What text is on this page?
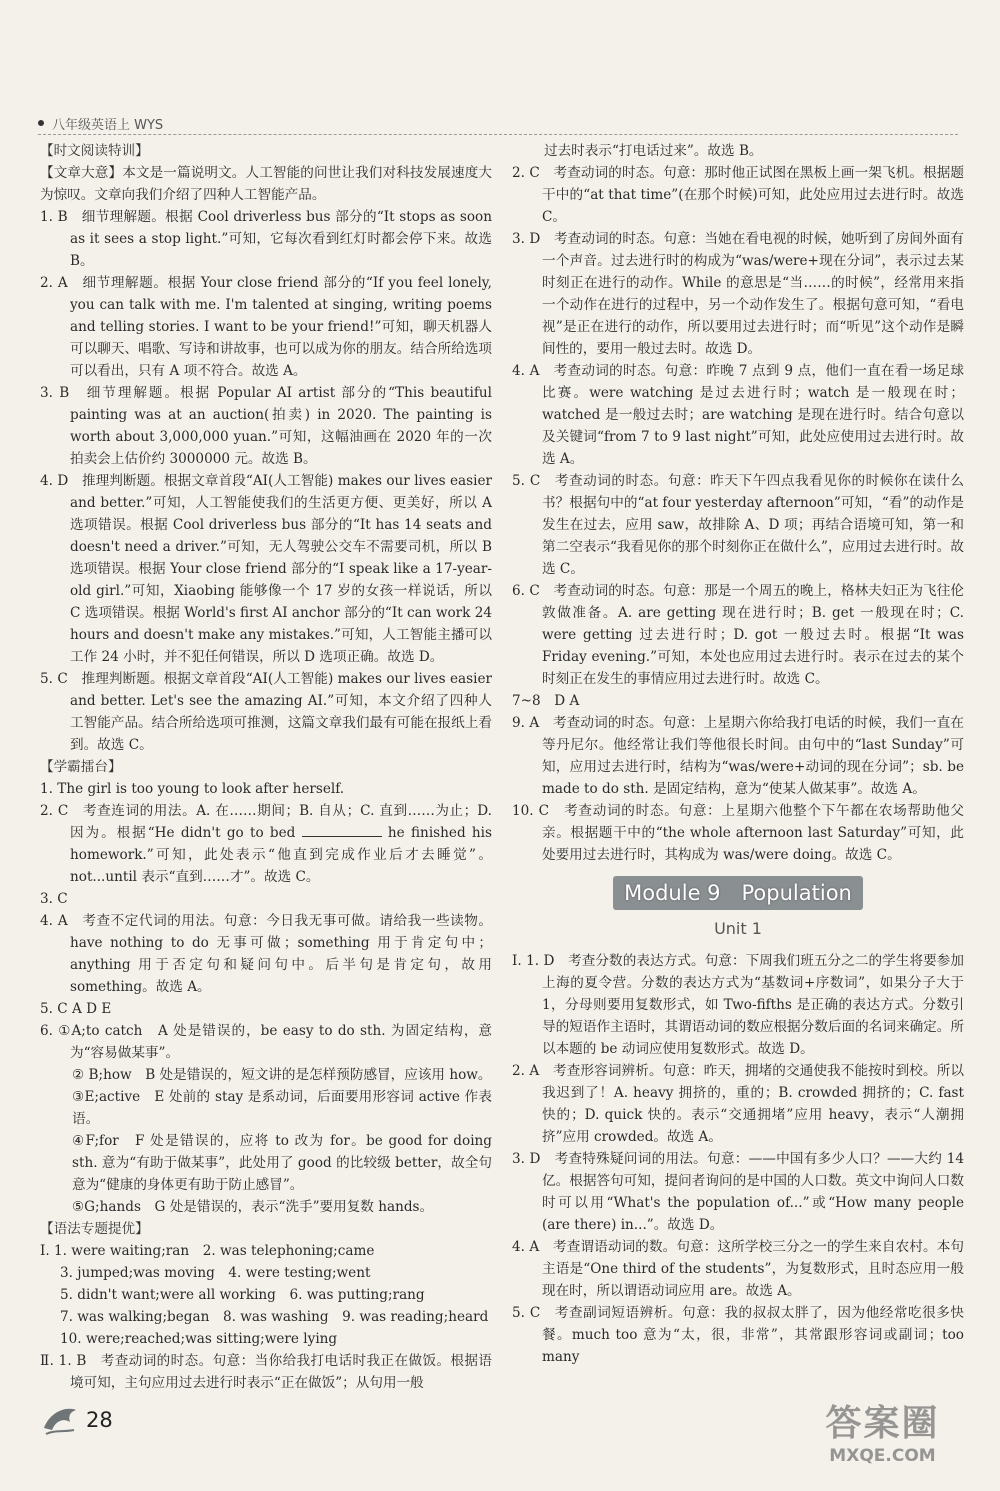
八年级英语上 WYS

【时文阅读特训】

【文章大意】本文是一篇说明文。人工智能的问世让我们对科技发展速度大为惊叹。文章向我们介绍了四种人工智能产品。

1. B　细节理解题。根据 Cool driverless bus 部分的“It stops as soon as it sees a stop light.”可知，它每次看到红灯时都会停下来。故选 B。

2. A　细节理解题。根据 Your close friend 部分的“If you feel lonely, you can talk with me. I'm talented at singing, writing poems and telling stories. I want to be your friend!”可知，聊天机器人可以聊天、唱歌、写诗和讲故事，也可以成为你的朋友。结合所给选项可以看出，只有 A 项不符合。故选 A。

3. B　细节理解题。根据 Popular AI artist 部分的“This beautiful painting was at an auction(拍卖) in 2020. The painting is worth about 3,000,000 yuan.”可知，这幅油画在 2020 年的一次拍卖会上估价约 3000000 元。故选 B。

4. D　推理判断题。根据文章首段“AI(人工智能) makes our lives easier and better.”可知，人工智能使我们的生活更方便、更美好，所以 A 选项错误。根据 Cool driverless bus 部分的“It has 14 seats and doesn't need a driver.”可知，无人驾驶公交车不需要司机，所以 B 选项错误。根据 Your close friend 部分的“I speak like a 17-year-old girl.”可知，Xiaobing 能够像一个 17 岁的女孩一样说话，所以 C 选项错误。根据 World's first AI anchor 部分的“It can work 24 hours and doesn't make any mistakes.”可知，人工智能主播可以工作 24 小时，并不犯任何错误，所以 D 选项正确。故选 D。

5. C　推理判断题。根据文章首段“AI(人工智能) makes our lives easier and better. Let's see the amazing AI.”可知，本文介绍了四种人工智能产品。结合所给选项可推测，这篇文章我们最有可能在报纸上看到。故选 C。

【学霸擂台】

1. The girl is too young to look after herself.

2. C　考查连词的用法。A. 在……期间；B. 自从；C. 直到……为止；D. 因为。根据“He didn't go to bed	he finished his homework.”可知，此处表示“他直到完成作业后才去睡觉”。not...until 表示“直到……才”。故选 C。

3. C

4. A　考查不定代词的用法。句意：今日我无事可做。请给我一些读物。have nothing to do 无事可做；something 用于肯定句中；anything 用于否定句和疑问句中。后半句是肯定句，故用 something。故选 A。

5. C A D E

6. ①A;to catch　A 处是错误的，be easy to do sth. 为固定结构，意为“容易做某事”。

② B;how　B 处是错误的，短文讲的是怎样预防感冒，应该用 how。

③E;active　E 处前的 stay 是系动词，后面要用形容词 active 作表语。

④F;for　F 处是错误的，应将 to 改为 for。be good for doing sth. 意为“有助于做某事”，此处用了 good 的比较级 better，故全句意为“健康的身体更有助于防止感冒”。

⑤G;hands　G 处是错误的，表示“洗手”要用复数 hands。

【语法专题提优】

Ⅰ. 1. were waiting;ran　2. was telephoning;came

3. jumped;was moving　4. were testing;went

5. didn't want;were all working　6. was putting;rang

7. was walking;began　8. was washing　9. was reading;heard

10. were;reached;was sitting;were lying

Ⅱ. 1. B　考查动词的时态。句意：当你给我打电话时我正在做饭。根据语境可知，主句应用过去进行时表示“正在做饭”；从句用一般

过去时表示“打电话过来”。故选 B。

2. C　考查动词的时态。句意：那时他正试图在黑板上画一架飞机。根据题干中的“at that time”(在那个时候)可知，此处应用过去进行时。故选 C。

3. D　考查动词的时态。句意：当她在看电视的时候，她听到了房间外面有一个声音。过去进行时的构成为“was/were+现在分词”，表示过去某时刻正在进行的动作。While 的意思是“当……的时候”，经常用来指一个动作在进行的过程中，另一个动作发生了。根据句意可知，“看电视”是正在进行的动作，所以要用过去进行时；而“听见”这个动作是瞬间性的，要用一般过去时。故选 D。

4. A　考查动词的时态。句意：昨晚 7 点到 9 点，他们一直在看一场足球比赛。were watching 是过去进行时；watch 是一般现在时；watched 是一般过去时；are watching 是现在进行时。结合句意以及关键词“from 7 to 9 last night”可知，此处应使用过去进行时。故选 A。

5. C　考查动词的时态。句意：昨天下午四点我看见你的时候你在读什么书？根据句中的“at four yesterday afternoon”可知，“看”的动作是发生在过去，应用 saw，故排除 A、D 项；再结合语境可知，第一和第二空表示“我看见你的那个时刻你正在做什么”，应用过去进行时。故选 C。

6. C　考查动词的时态。句意：那是一个周五的晚上，格林夫妇正为飞往伦敦做准备。A. are getting 现在进行时；B. get 一般现在时；C. were getting 过去进行时；D. got 一般过去时。根据“It was Friday evening.”可知，本处也应用过去进行时。表示在过去的某个时刻正在发生的事情应用过去进行时。故选 C。

7~8　D A

9. A　考查动词的时态。句意：上星期六你给我打电话的时候，我们一直在等丹尼尔。他经常让我们等他很长时间。由句中的“last Sunday”可知，应用过去进行时，结构为“was/were+动词的现在分词”；sb. be made to do sth. 是固定结构，意为“使某人做某事”。故选 A。

10. C　考查动词的时态。句意：上星期六他整个下午都在农场帮助他父亲。根据题干中的“the whole afternoon last Saturday”可知，此处要用过去进行时，其构成为 was/were doing。故选 C。

Module 9　Population
Unit 1

Ⅰ. 1. D　考查分数的表达方式。句意：下周我们班五分之二的学生将要参加上海的夏令营。分数的表达方式为“基数词+序数词”，如果分子大于 1，分母则要用复数形式，如 Two-fifths 是正确的表达方式。分数引导的短语作主语时，其谓语动词的数应根据分数后面的名词来确定。所以本题的 be 动词应使用复数形式。故选 D。

2. A　考查形容词辨析。句意：昨天，拥堵的交通使我不能按时到校。所以我迟到了！A. heavy 拥挤的，重的；B. crowded 拥挤的；C. fast 快的；D. quick 快的。表示“交通拥堵”应用 heavy，表示“人潮拥挤”应用 crowded。故选 A。

3. D　考查特殊疑问词的用法。句意：——中国有多少人口？——大约 14 亿。根据答句可知，提问者询问的是中国的人口数。英文中询问人口数时可以用“What's the population of...”或“How many people (are there) in...”。故选 D。

4. A　考查谓语动词的数。句意：这所学校三分之一的学生来自农村。本句主语是“One third of the students”，为复数形式，且时态应用一般现在时，所以谓语动词应用 are。故选 A。

5. C　考查副词短语辨析。句意：我的叔叔太胖了，因为他经常吃很多快餐。much too 意为“太，很，非常”，其常跟形容词或副词；too many

28	答案圈
MXQE.COM
